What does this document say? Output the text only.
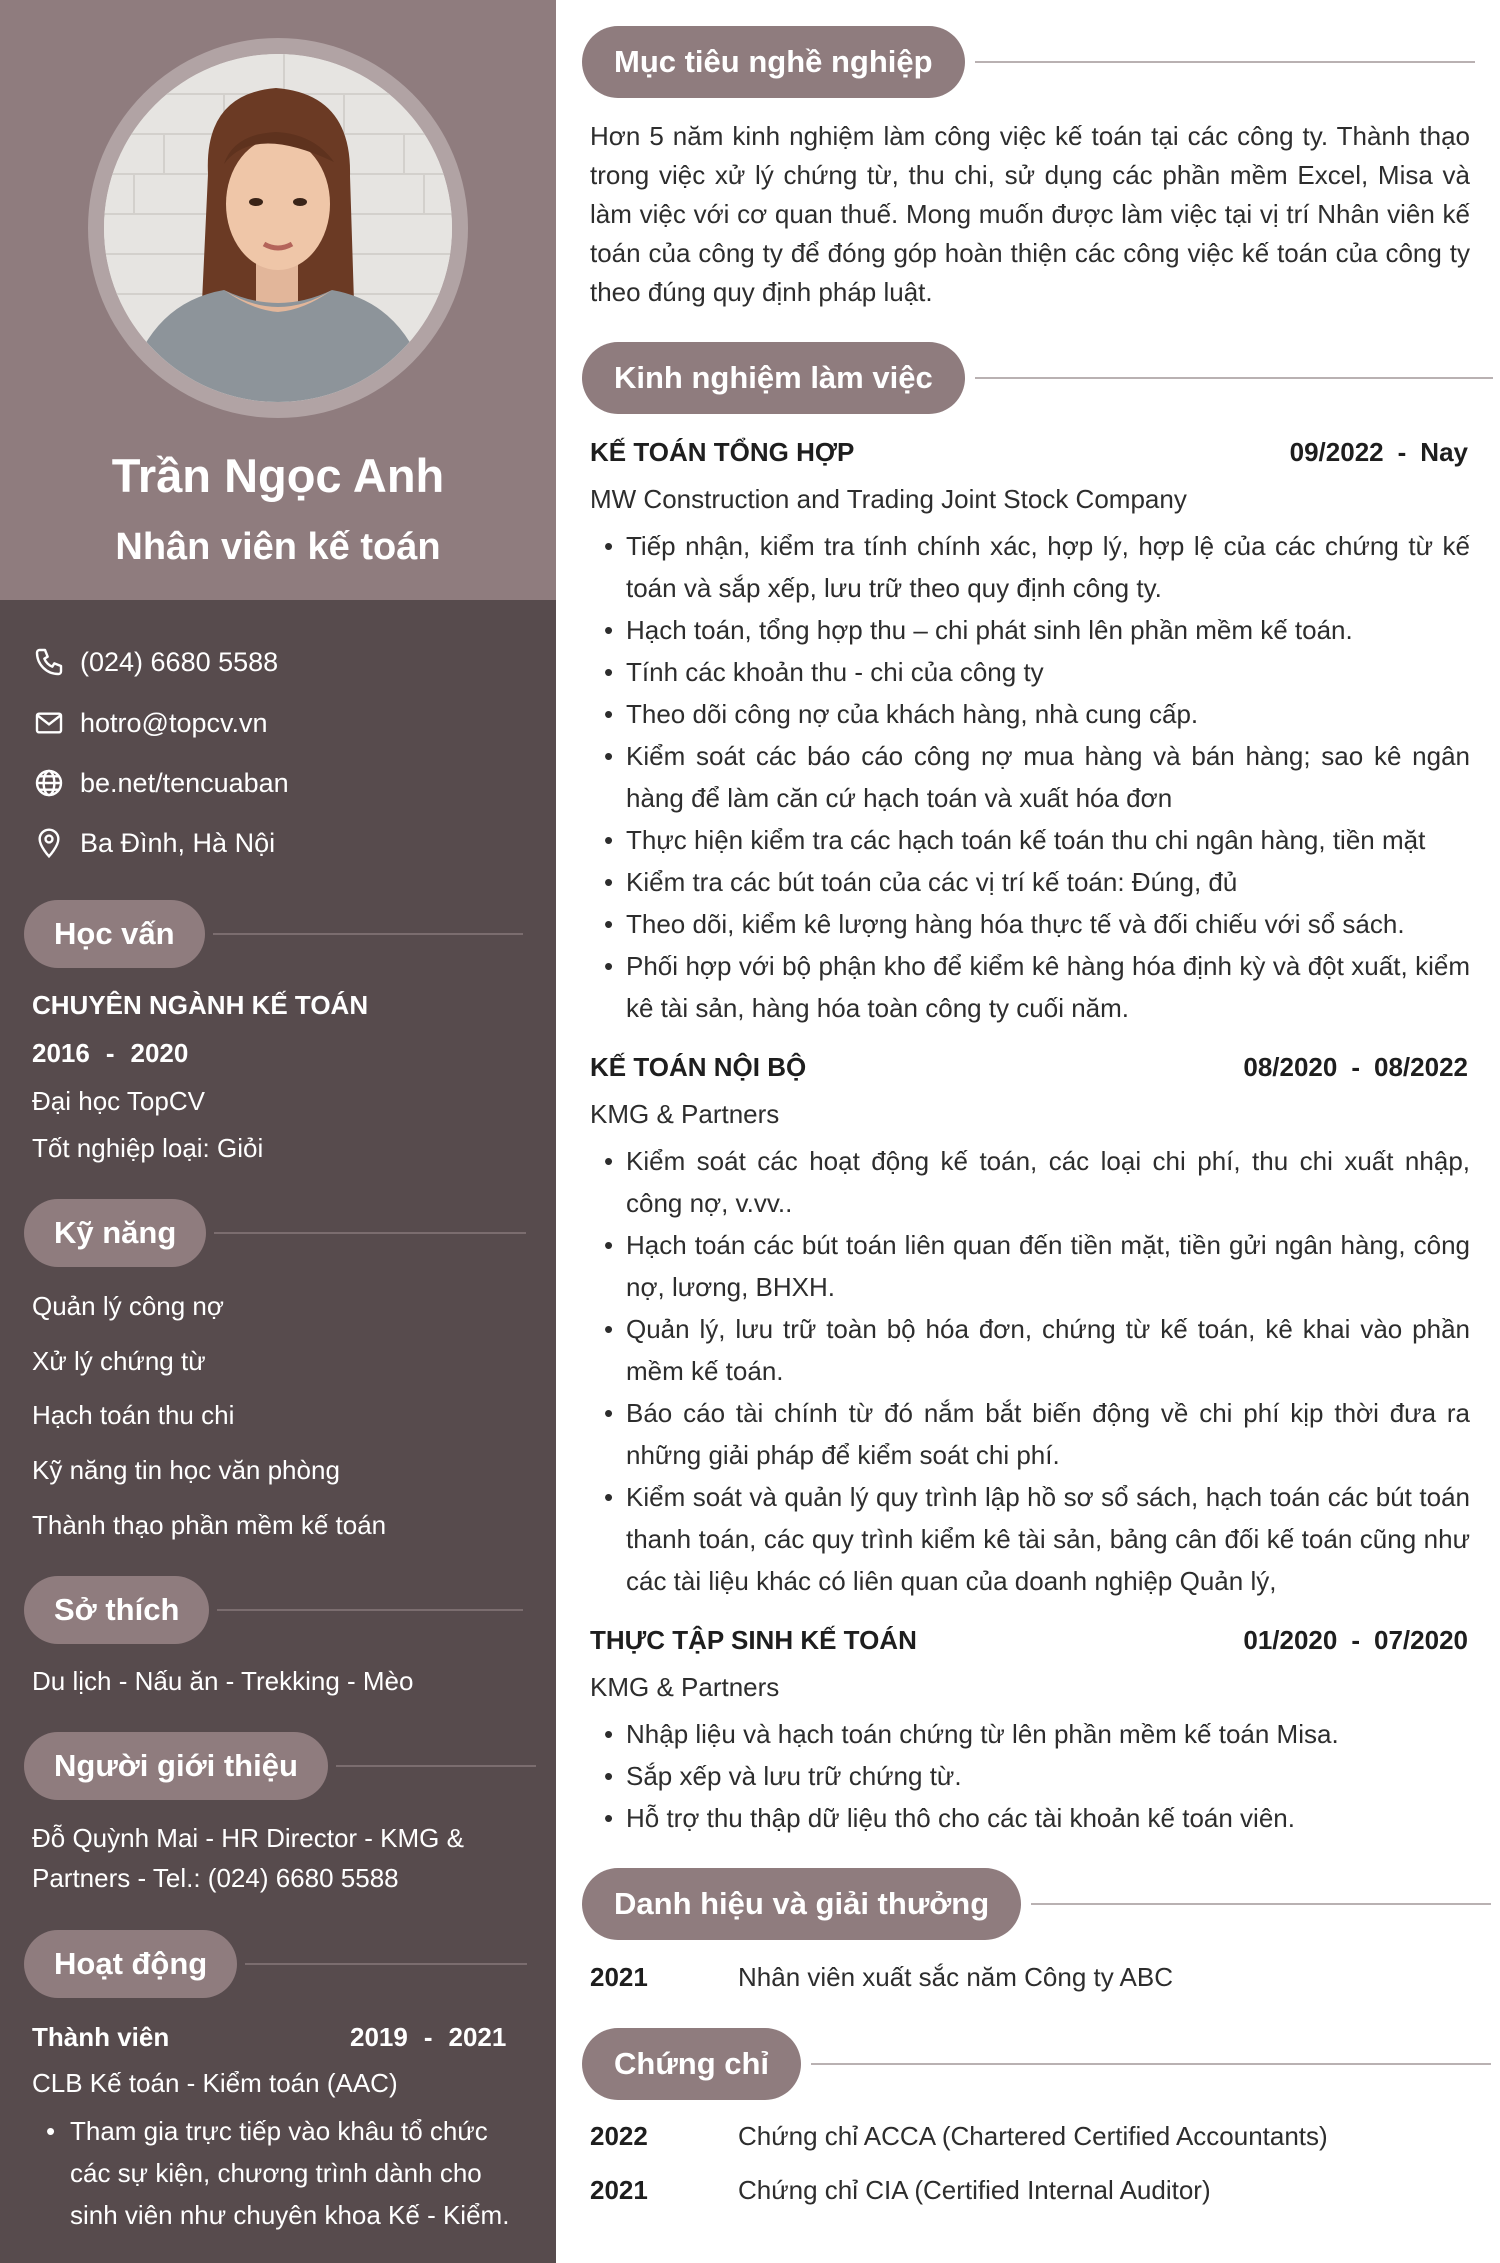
Trần Ngọc Anh
Nhân viên kế toán
(024) 6680 5588
hotro@topcv.vn
be.net/tencuaban
Ba Đình, Hà Nội
Học vấn
CHUYÊN NGÀNH KẾ TOÁN
2016 - 2020
Đại học TopCV
Tốt nghiệp loại: Giỏi
Kỹ năng
Quản lý công nợ
Xử lý chứng từ
Hạch toán thu chi
Kỹ năng tin học văn phòng
Thành thạo phần mềm kế toán
Sở thích
Du lịch - Nấu ăn - Trekking - Mèo
Người giới thiệu
Đỗ Quỳnh Mai - HR Director - KMG &
Partners - Tel.: (024) 6680 5588
Hoạt động
Thành viên	2019 - 2021
CLB Kế toán - Kiểm toán (AAC)
• Tham gia trực tiếp vào khâu tổ chức
các sự kiện, chương trình dành cho
sinh viên như chuyên khoa Kế - Kiểm.
Mục tiêu nghề nghiệp

Hơn 5 năm kinh nghiệm làm công việc kế toán tại các công ty. Thành thạo trong việc xử lý chứng từ, thu chi, sử dụng các phần mềm Excel, Misa và làm việc với cơ quan thuế. Mong muốn được làm việc tại vị trí Nhân viên kế toán của công ty để đóng góp hoàn thiện các công việc kế toán của công ty theo đúng quy định pháp luật.

Kinh nghiệm làm việc
KẾ TOÁN TỔNG HỢP	09/2022 - Nay
MW Construction and Trading Joint Stock Company
• Tiếp nhận, kiểm tra tính chính xác, hợp lý, hợp lệ của các chứng từ kế toán và sắp xếp, lưu trữ theo quy định công ty.
• Hạch toán, tổng hợp thu – chi phát sinh lên phần mềm kế toán.
• Tính các khoản thu - chi của công ty
• Theo dõi công nợ của khách hàng, nhà cung cấp.
• Kiểm soát các báo cáo công nợ mua hàng và bán hàng; sao kê ngân hàng để làm căn cứ hạch toán và xuất hóa đơn
• Thực hiện kiểm tra các hạch toán kế toán thu chi ngân hàng, tiền mặt
• Kiểm tra các bút toán của các vị trí kế toán: Đúng, đủ
• Theo dõi, kiểm kê lượng hàng hóa thực tế và đối chiếu với sổ sách.
• Phối hợp với bộ phận kho để kiểm kê hàng hóa định kỳ và đột xuất, kiểm kê tài sản, hàng hóa toàn công ty cuối năm.
KẾ TOÁN NỘI BỘ	08/2020 - 08/2022
KMG & Partners
• Kiểm soát các hoạt động kế toán, các loại chi phí, thu chi xuất nhập, công nợ, v.vv..
• Hạch toán các bút toán liên quan đến tiền mặt, tiền gửi ngân hàng, công nợ, lương, BHXH.
• Quản lý, lưu trữ toàn bộ hóa đơn, chứng từ kế toán, kê khai vào phần mềm kế toán.
• Báo cáo tài chính từ đó nắm bắt biến động về chi phí kịp thời đưa ra những giải pháp để kiểm soát chi phí.
• Kiểm soát và quản lý quy trình lập hồ sơ sổ sách, hạch toán các bút toán thanh toán, các quy trình kiểm kê tài sản, bảng cân đối kế toán cũng như các tài liệu khác có liên quan của doanh nghiệp Quản lý,
THỰC TẬP SINH KẾ TOÁN	01/2020 - 07/2020
KMG & Partners
• Nhập liệu và hạch toán chứng từ lên phần mềm kế toán Misa.
• Sắp xếp và lưu trữ chứng từ.
• Hỗ trợ thu thập dữ liệu thô cho các tài khoản kế toán viên.
Danh hiệu và giải thưởng
2021	Nhân viên xuất sắc năm Công ty ABC
Chứng chỉ
2022	Chứng chỉ ACCA (Chartered Certified Accountants)
2021	Chứng chỉ CIA (Certified Internal Auditor)
